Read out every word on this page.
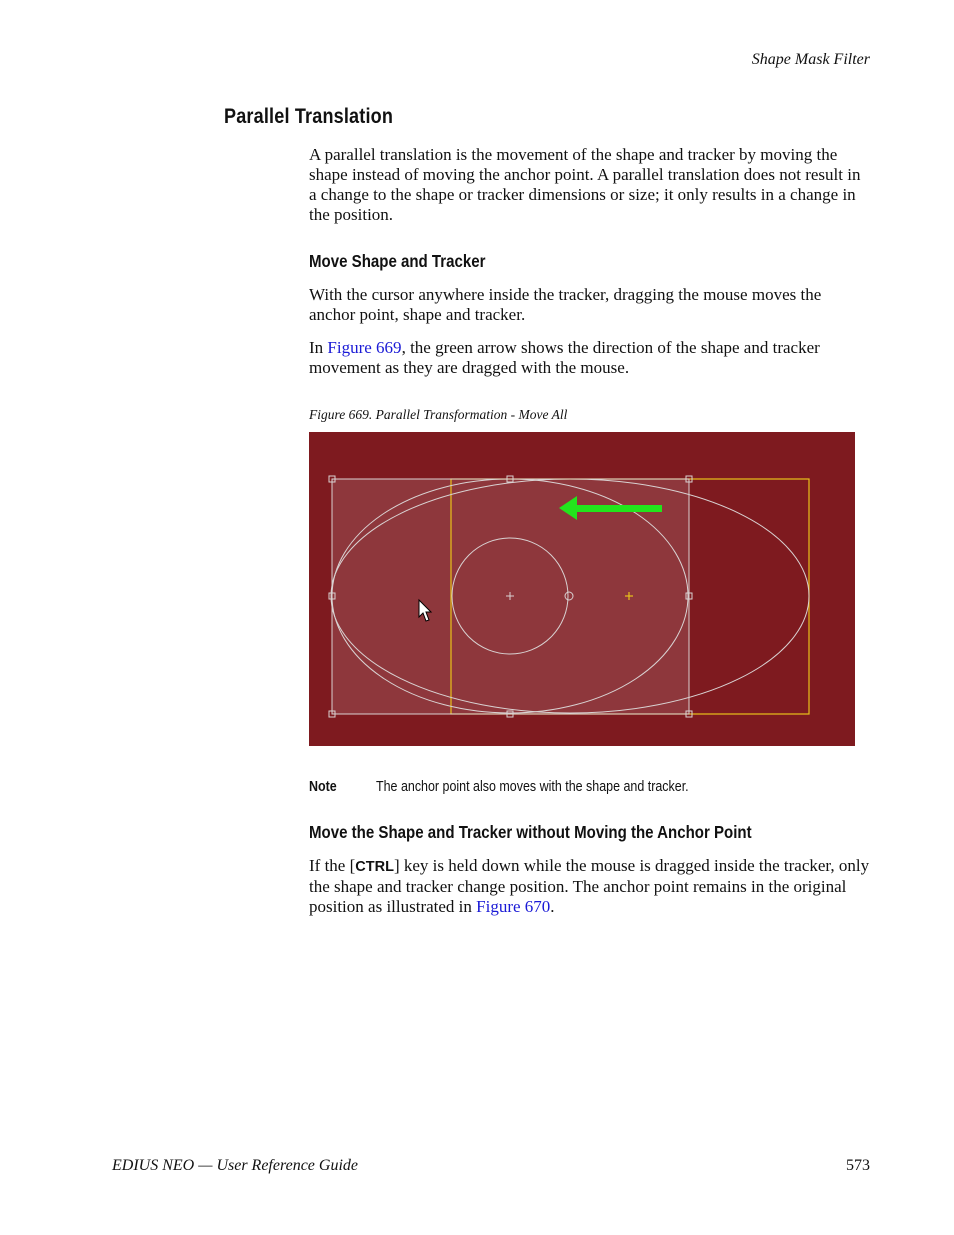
Shape Mask Filter
Parallel Translation
A parallel translation is the movement of the shape and tracker by moving the shape instead of moving the anchor point. A parallel translation does not result in a change to the shape or tracker dimensions or size; it only results in a change in the position.
Move Shape and Tracker
With the cursor anywhere inside the tracker, dragging the mouse moves the anchor point, shape and tracker.
In Figure 669, the green arrow shows the direction of the shape and tracker movement as they are dragged with the mouse.
Figure 669. Parallel Transformation - Move All
Note	The anchor point also moves with the shape and tracker.
Move the Shape and Tracker without Moving the Anchor Point
If the [CTRL] key is held down while the mouse is dragged inside the tracker, only the shape and tracker change position. The anchor point remains in the original position as illustrated in Figure 670.
EDIUS NEO — User Reference Guide	573
